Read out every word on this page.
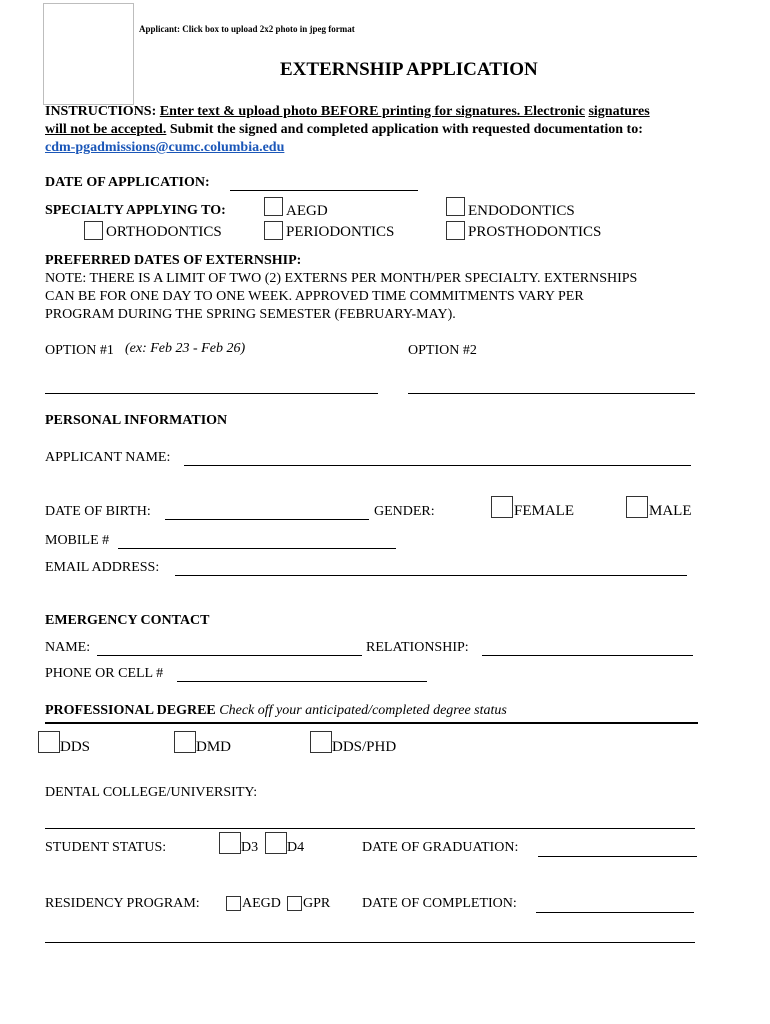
Applicant: Click box to upload 2x2 photo in jpeg format
EXTERNSHIP APPLICATION
INSTRUCTIONS: Enter text & upload photo BEFORE printing for signatures. Electronic signatures
will not be accepted. Submit the signed and completed application with requested documentation to:
cdm-pgadmissions@cumc.columbia.edu
DATE OF APPLICATION:
SPECIALTY APPLYING TO:	AEGD	ENDODONTICS
ORTHODONTICS	PERIODONTICS	PROSTHODONTICS
PREFERRED DATES OF EXTERNSHIP:
NOTE: THERE IS A LIMIT OF TWO (2) EXTERNS PER MONTH/PER SPECIALTY. EXTERNSHIPS
CAN BE FOR ONE DAY TO ONE WEEK. APPROVED TIME COMMITMENTS VARY PER
PROGRAM DURING THE SPRING SEMESTER (FEBRUARY-MAY).
OPTION #1 (ex: Feb 23 - Feb 26)	OPTION #2
PERSONAL INFORMATION
APPLICANT NAME:
DATE OF BIRTH:	GENDER:	FEMALE	MALE
MOBILE #
EMAIL ADDRESS:
EMERGENCY CONTACT
NAME:	RELATIONSHIP:
PHONE OR CELL #
PROFESSIONAL DEGREE Check off your anticipated/completed degree status
DDS	DMD	DDS/PHD
DENTAL COLLEGE/UNIVERSITY:
STUDENT STATUS:	D3 D4	DATE OF GRADUATION:
RESIDENCY PROGRAM:	AEGD GPR DATE OF COMPLETION:
